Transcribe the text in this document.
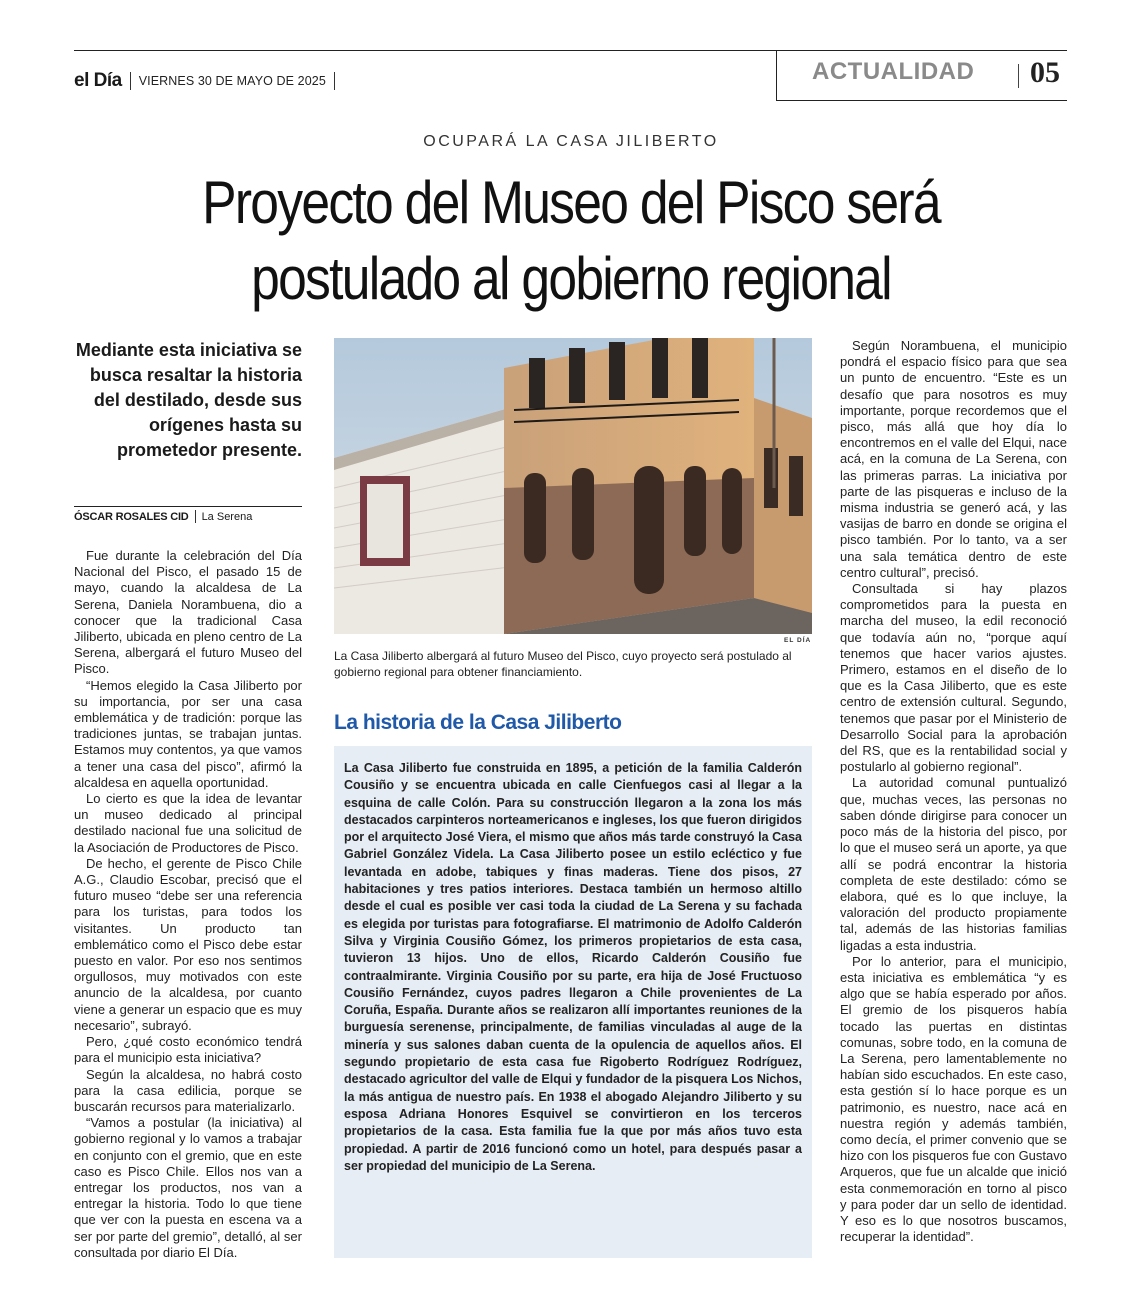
el Día VIERNES 30 DE MAYO DE 2025	ACTUALIDAD 05
OCUPARÁ LA CASA JILIBERTO
Proyecto del Museo del Pisco será postulado al gobierno regional
Mediante esta iniciativa se busca resaltar la historia del destilado, desde sus orígenes hasta su prometedor presente.
ÓSCAR ROSALES CID La Serena

Fue durante la celebración del Día Nacional del Pisco, el pasado 15 de mayo, cuando la alcaldesa de La Serena, Daniela Norambuena, dio a conocer que la tradicional Casa Jiliberto, ubicada en pleno centro de La Serena, albergará el futuro Museo del Pisco.

“Hemos elegido la Casa Jiliberto por su importancia, por ser una casa emblemática y de tradición: porque las tradiciones juntas, se trabajan juntas. Estamos muy contentos, ya que vamos a tener una casa del pisco”, afirmó la alcaldesa en aquella oportunidad.

Lo cierto es que la idea de levantar un museo dedicado al principal destilado nacional fue una solicitud de la Asociación de Productores de Pisco.

De hecho, el gerente de Pisco Chile A.G., Claudio Escobar, precisó que el futuro museo “debe ser una referencia para los turistas, para todos los visitantes. Un producto tan emblemático como el Pisco debe estar puesto en valor. Por eso nos sentimos orgullosos, muy motivados con este anuncio de la alcaldesa, por cuanto viene a generar un espacio que es muy necesario”, subrayó.

Pero, ¿qué costo económico tendrá para el municipio esta iniciativa?

Según la alcaldesa, no habrá costo para la casa edilicia, porque se buscarán recursos para materializarlo.

“Vamos a postular (la iniciativa) al gobierno regional y lo vamos a trabajar en conjunto con el gremio, que en este caso es Pisco Chile. Ellos nos van a entregar los productos, nos van a entregar la historia. Todo lo que tiene que ver con la puesta en escena va a ser por parte del gremio”, detalló, al ser consultada por diario El Día.

EL DÍA
La Casa Jiliberto albergará al futuro Museo del Pisco, cuyo proyecto será postulado al gobierno regional para obtener financiamiento.
La historia de la Casa Jiliberto
La Casa Jiliberto fue construida en 1895, a petición de la familia Calderón Cousiño y se encuentra ubicada en calle Cienfuegos casi al llegar a la esquina de calle Colón. Para su construcción llegaron a la zona los más destacados carpinteros norteamericanos e ingleses, los que fueron dirigidos por el arquitecto José Viera, el mismo que años más tarde construyó la Casa Gabriel González Videla. La Casa Jiliberto posee un estilo ecléctico y fue levantada en adobe, tabiques y finas maderas. Tiene dos pisos, 27 habitaciones y tres patios interiores. Destaca también un hermoso altillo desde el cual es posible ver casi toda la ciudad de La Serena y su fachada es elegida por turistas para fotografiarse. El matrimonio de Adolfo Calderón Silva y Virginia Cousiño Gómez, los primeros propietarios de esta casa, tuvieron 13 hijos. Uno de ellos, Ricardo Calderón Cousiño fue contraalmirante. Virginia Cousiño por su parte, era hija de José Fructuoso Cousiño Fernández, cuyos padres llegaron a Chile provenientes de La Coruña, España. Durante años se realizaron allí importantes reuniones de la burguesía serenense, principalmente, de familias vinculadas al auge de la minería y sus salones daban cuenta de la opulencia de aquellos años. El segundo propietario de esta casa fue Rigoberto Rodríguez Rodríguez, destacado agricultor del valle de Elqui y fundador de la pisquera Los Nichos, la más antigua de nuestro país. En 1938 el abogado Alejandro Jiliberto y su esposa Adriana Honores Esquivel se convirtieron en los terceros propietarios de la casa. Esta familia fue la que por más años tuvo esta propiedad. A partir de 2016 funcionó como un hotel, para después pasar a ser propiedad del municipio de La Serena.

Según Norambuena, el municipio pondrá el espacio físico para que sea un punto de encuentro. “Este es un desafío que para nosotros es muy importante, porque recordemos que el pisco, más allá que hoy día lo encontremos en el valle del Elqui, nace acá, en la comuna de La Serena, con las primeras parras. La iniciativa por parte de las pisqueras e incluso de la misma industria se generó acá, y las vasijas de barro en donde se origina el pisco también. Por lo tanto, va a ser una sala temática dentro de este centro cultural”, precisó.

Consultada si hay plazos comprometidos para la puesta en marcha del museo, la edil reconoció que todavía aún no, “porque aquí tenemos que hacer varios ajustes. Primero, estamos en el diseño de lo que es la Casa Jiliberto, que es este centro de extensión cultural. Segundo, tenemos que pasar por el Ministerio de Desarrollo Social para la aprobación del RS, que es la rentabilidad social y postularlo al gobierno regional”.

La autoridad comunal puntualizó que, muchas veces, las personas no saben dónde dirigirse para conocer un poco más de la historia del pisco, por lo que el museo será un aporte, ya que allí se podrá encontrar la historia completa de este destilado: cómo se elabora, qué es lo que incluye, la valoración del producto propiamente tal, además de las historias familias ligadas a esta industria.

Por lo anterior, para el municipio, esta iniciativa es emblemática “y es algo que se había esperado por años. El gremio de los pisqueros había tocado las puertas en distintas comunas, sobre todo, en la comuna de La Serena, pero lamentablemente no habían sido escuchados. En este caso, esta gestión sí lo hace porque es un patrimonio, es nuestro, nace acá en nuestra región y además también, como decía, el primer convenio que se hizo con los pisqueros fue con Gustavo Arqueros, que fue un alcalde que inició esta conmemoración en torno al pisco y para poder dar un sello de identidad. Y eso es lo que nosotros buscamos, recuperar la identidad”.
